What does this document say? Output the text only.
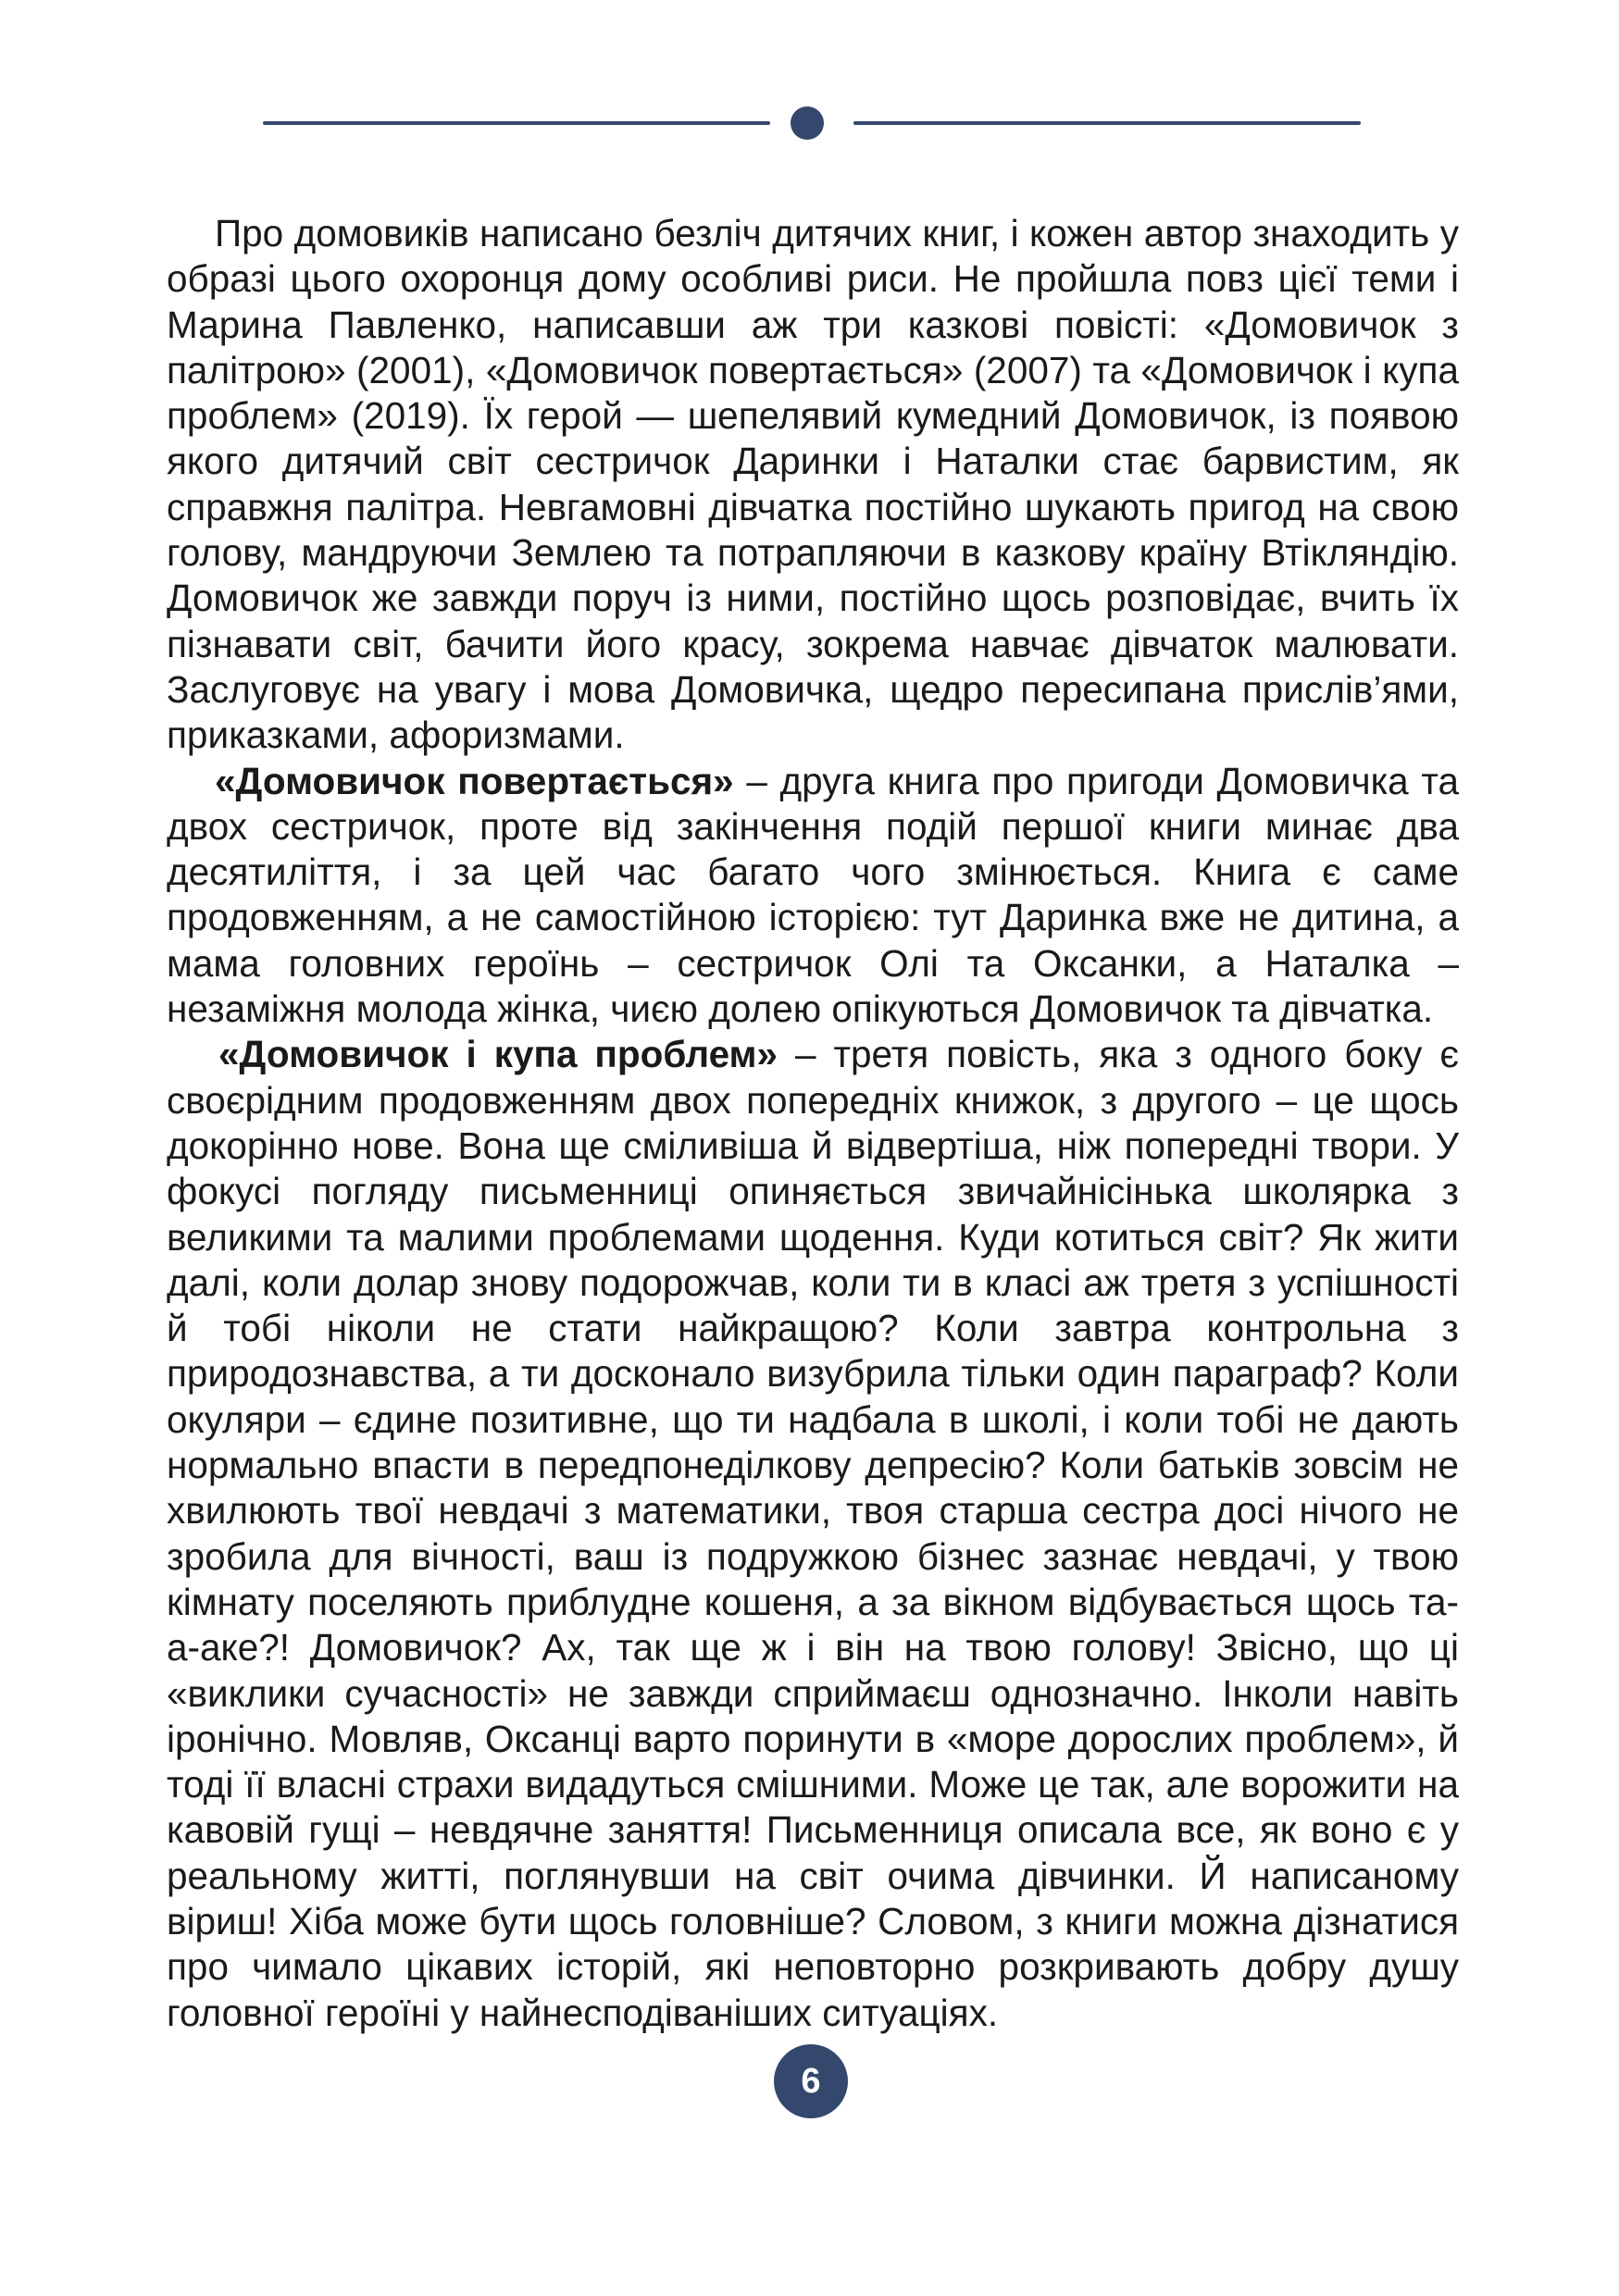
Про домовиків написано безліч дитячих книг, і кожен автор знаходить у образі цього охоронця дому особливі риси. Не пройшла повз цієї теми і Марина Павленко, написавши аж три казкові повісті: «Домовичок з палітрою» (2001), «Домовичок повертається» (2007) та «Домовичок і купа проблем» (2019). Їх герой — шепелявий кумедний Домовичок, із появою якого дитячий світ сестричок Даринки і Наталки стає барвистим, як справжня палітра. Невгамовні дівчатка постійно шукають пригод на свою голову, мандруючи Землею та потрапляючи в казкову країну Втікляндію. Домовичок же завжди поруч із ними, постійно щось розповідає, вчить їх пізнавати світ, бачити його красу, зокрема навчає дівчаток малювати. Заслуговує на увагу і мова Домовичка, щедро пересипана прислів’ями, приказками, афоризмами.

«Домовичок повертається» – друга книга про пригоди Домовичка та двох сестричок, проте від закінчення подій першої книги минає два десятиліття, і за цей час багато чого змінюється. Книга є саме продовженням, а не самостійною історією: тут Даринка вже не дитина, а мама головних героїнь – сестричок Олі та Оксанки, а Наталка – незаміжня молода жінка, чиєю долею опікуються Домовичок та дівчатка.

«Домовичок і купа проблем» – третя повість, яка з одного боку є своєрідним продовженням двох попередніх книжок, з другого – це щось докорінно нове. Вона ще сміливіша й відвертіша, ніж попередні твори. У фокусі погляду письменниці опиняється звичайнісінька школярка з великими та малими проблемами щодення. Куди котиться світ? Як жити далі, коли долар знову подорожчав, коли ти в класі аж третя з успішності й тобі ніколи не стати найкращою? Коли завтра контрольна з природознавства, а ти досконало визубрила тільки один параграф? Коли окуляри – єдине позитивне, що ти надбала в школі, і коли тобі не дають нормально впасти в передпонеділкову депресію? Коли батьків зовсім не хвилюють твої невдачі з математики, твоя старша сестра досі нічого не зробила для вічності, ваш із подружкою бізнес зазнає невдачі, у твою кімнату поселяють приблудне кошеня, а за вікном відбувається щось та-а-аке?! Домовичок? Ах, так ще ж і він на твою голову! Звісно, що ці «виклики сучасності» не завжди сприймаєш однозначно. Інколи навіть іронічно. Мовляв, Оксанці варто поринути в «море дорослих проблем», й тоді її власні страхи видадуться смішними. Може це так, але ворожити на кавовій гущі – невдячне заняття! Письменниця описала все, як воно є у реальному житті, поглянувши на світ очима дівчинки. Й написаному віриш! Хіба може бути щось головніше? Словом, з книги можна дізнатися про чимало цікавих історій, які неповторно розкривають добру душу головної героїні у найнесподіваніших ситуаціях.

6
